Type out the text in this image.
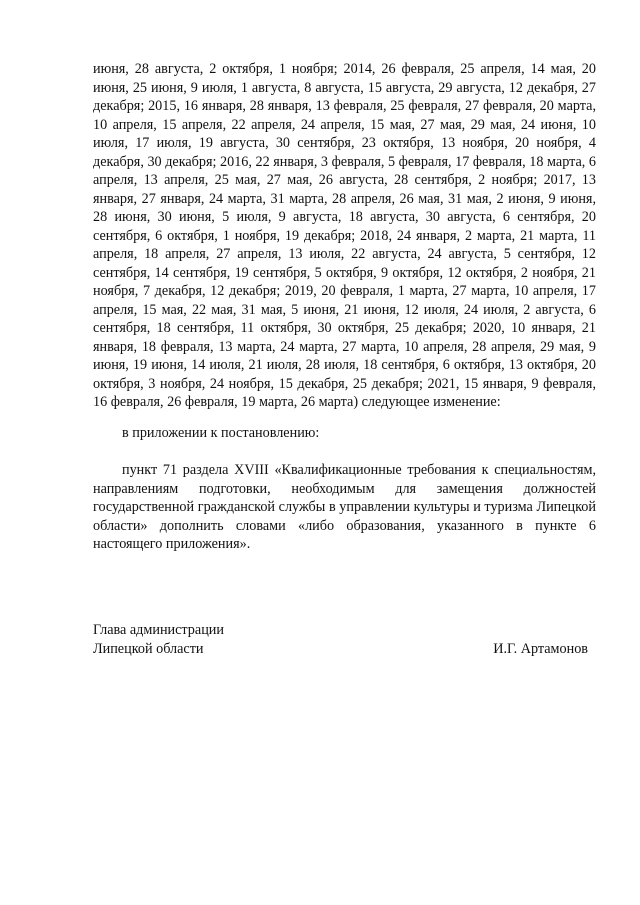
июня, 28 августа, 2 октября, 1 ноября; 2014, 26 февраля, 25 апреля, 14 мая, 20 июня, 25 июня, 9 июля, 1 августа, 8 августа, 15 августа, 29 августа, 12 декабря, 27 декабря; 2015, 16 января, 28 января, 13 февраля, 25 февраля, 27 февраля, 20 марта, 10 апреля, 15 апреля, 22 апреля, 24 апреля, 15 мая, 27 мая, 29 мая, 24 июня, 10 июля, 17 июля, 19 августа, 30 сентября, 23 октября, 13 ноября, 20 ноября, 4 декабря, 30 декабря; 2016, 22 января, 3 февраля, 5 февраля, 17 февраля, 18 марта, 6 апреля, 13 апреля, 25 мая, 27 мая, 26 августа, 28 сентября, 2 ноября; 2017, 13 января, 27 января, 24 марта, 31 марта, 28 апреля, 26 мая, 31 мая, 2 июня, 9 июня, 28 июня, 30 июня, 5 июля, 9 августа, 18 августа, 30 августа, 6 сентября, 20 сентября, 6 октября, 1 ноября, 19 декабря; 2018, 24 января, 2 марта, 21 марта, 11 апреля, 18 апреля, 27 апреля, 13 июля, 22 августа, 24 августа, 5 сентября, 12 сентября, 14 сентября, 19 сентября, 5 октября, 9 октября, 12 октября, 2 ноября, 21 ноября, 7 декабря, 12 декабря; 2019, 20 февраля, 1 марта, 27 марта, 10 апреля, 17 апреля, 15 мая, 22 мая, 31 мая, 5 июня, 21 июня, 12 июля, 24 июля, 2 августа, 6 сентября, 18 сентября, 11 октября, 30 октября, 25 декабря; 2020, 10 января, 21 января, 18 февраля, 13 марта, 24 марта, 27 марта, 10 апреля, 28 апреля, 29 мая, 9 июня, 19 июня, 14 июля, 21 июля, 28 июля, 18 сентября, 6 октября, 13 октября, 20 октября, 3 ноября, 24 ноября, 15 декабря, 25 декабря; 2021, 15 января, 9 февраля, 16 февраля, 26 февраля, 19 марта, 26 марта) следующее изменение:

в приложении к постановлению:

пункт 71 раздела XVIII «Квалификационные требования к специальностям, направлениям подготовки, необходимым для замещения должностей государственной гражданской службы в управлении культуры и туризма Липецкой области» дополнить словами «либо образования, указанного в пункте 6 настоящего приложения».

Глава администрации
Липецкой области	И.Г. Артамонов
